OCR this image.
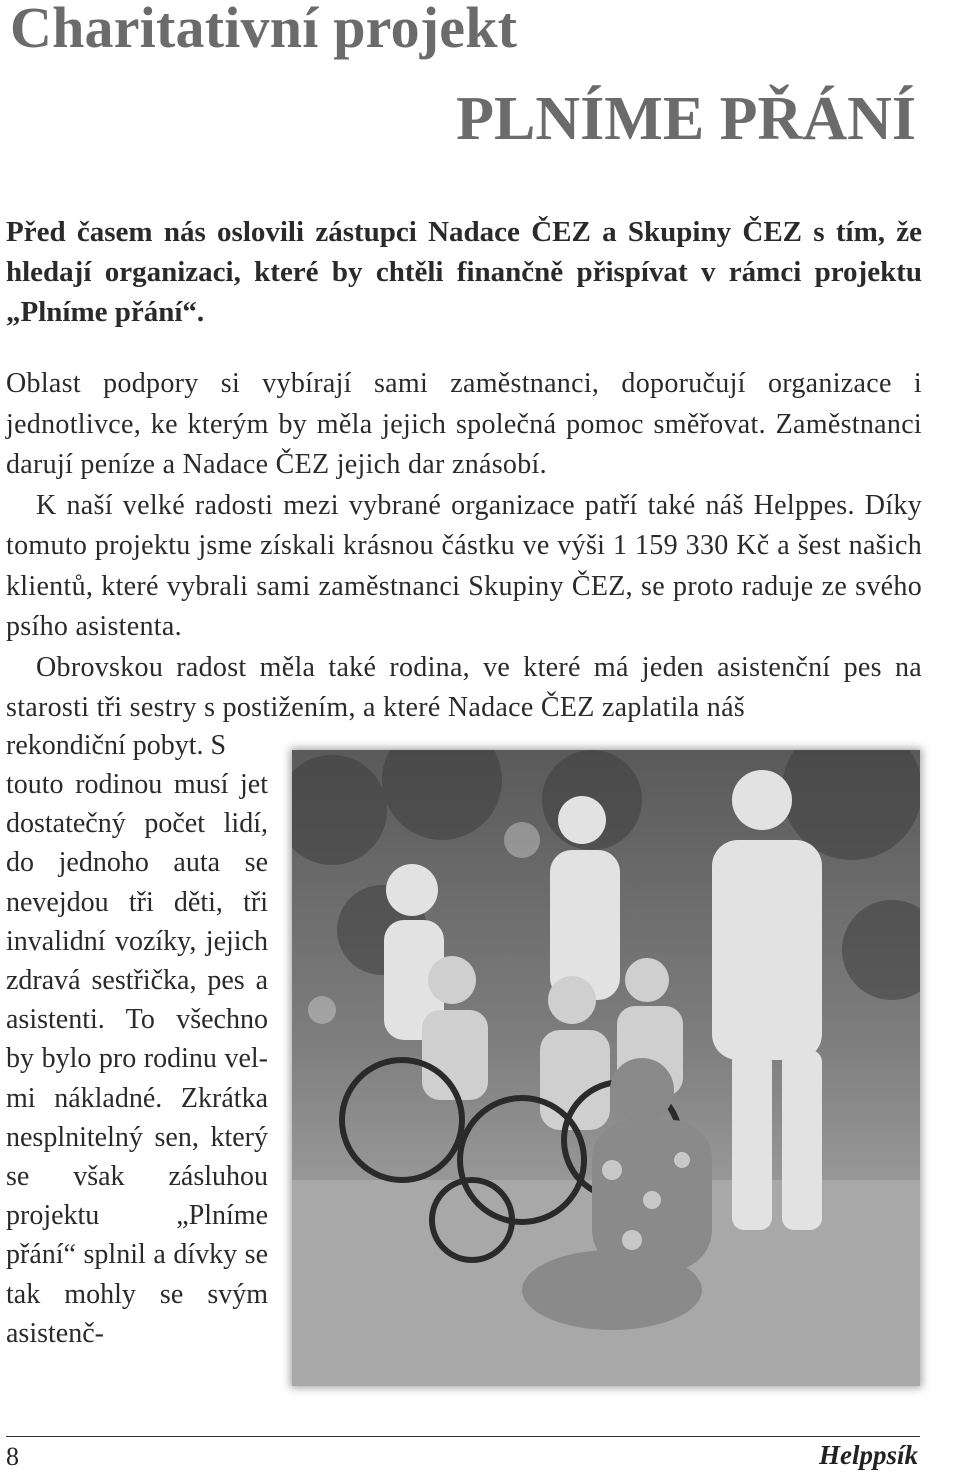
Charitativní projekt
PLNÍME PŘÁNÍ

Před časem nás oslovili zástupci Nadace ČEZ a Skupiny ČEZ s tím, že hledají organizaci, které by chtěli finančně přispívat v rámci projektu „Plníme přání“.

Oblast podpory si vybírají sami zaměstnanci, doporučují organizace i jednotlivce, ke kterým by měla jejich společná pomoc směřovat. Zaměstnanci darují peníze a Nadace ČEZ jejich dar znásobí.

K naší velké radosti mezi vybrané organizace patří také náš Helppes. Díky tomuto projektu jsme získali krásnou částku ve výši 1 159 330 Kč a šest našich klientů, které vybrali sami zaměstnanci Skupiny ČEZ, se proto raduje ze svého psího asistenta.

Obrovskou radost měla také rodina, ve které má jeden asistenční pes na starosti tři sestry s postižením, a které Nadace ČEZ zaplatila náš

rekondiční pobyt. S

touto rodinou musí jet dostatečný počet lidí, do jednoho auta se nevejdou tři děti, tři invalidní vozíky, jejich zdravá sestřička, pes a asistenti. To všechno by bylo pro rodinu velmi nákladné. Zkrátka nesplnitelný sen, který se však zásluhou projektu „Plníme přání“ splnil a dívky se tak mohly se svým asistenč-

8	Helppsík
